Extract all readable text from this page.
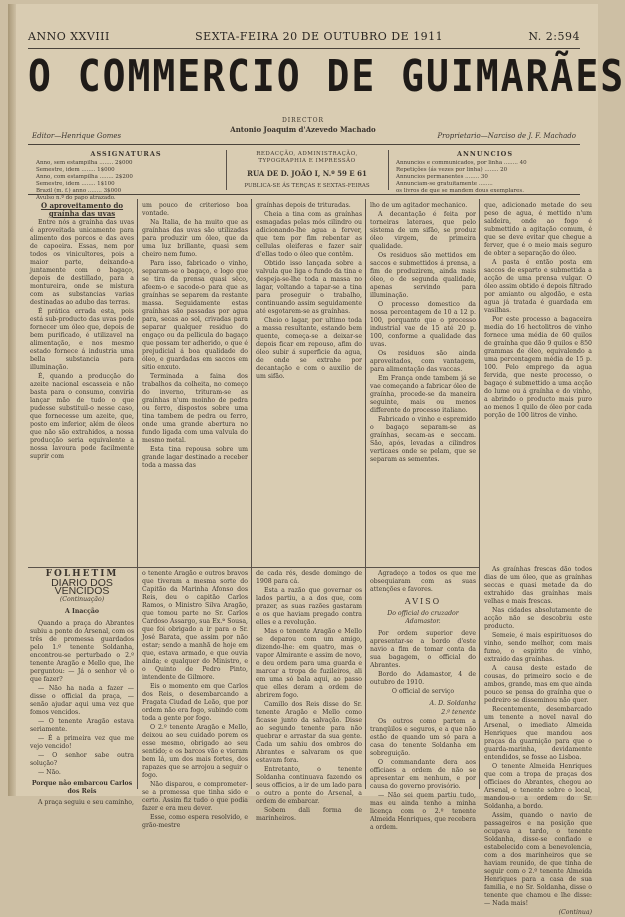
ANNO XXVIII	SEXTA-FEIRA 20 DE OUTUBRO DE 1911	N. 2:594
O COMMERCIO DE GUIMARÃES
DIRECTOR
Antonio Joaquim d'Azevedo Machado
Editor—Henrique Gomes	Proprietario—Narciso de J. F. Machado
ASSIGNATURAS
Anno, sem estampilha ........ 2$000
Semestre, idem ........ 1$000
Anno, com estampilha ........ 2$200
Semestre, idem ........ 1$100
Brazil (m. f.) anno ........ 3$000
Avulso n.º do papo atrazado.
REDACÇÃO, ADMINISTRAÇÃO, TYPOGRAPHIA E IMPRESSÃO
RUA DE D. JOÃO I, N.º 59 E 61
PUBLICA-SE ÁS TERÇAS E SEXTAS-FEIRAS
ANNUNCIOS
Annuncios e communicados, por linha ........ 40
Repetições (ás vezes por linha) ........ 20
Annuncios permanentes ........ 30
Annunciam-se gratuitamente ........
os livros de que se mandem dous exemplares.

O aproveitamento do graínha das uvas

Entre nós a graínha das uvas é aproveitada unicamente para alimento dos porcos e das aves de capoeira. Essas, nem por todos os vinicultores, pois a maior parte, deixando-a juntamente com o bagaço, depois de destillado, para a montureira, onde se mistura com as substancias varias destinadas ao adubo das terras.

É prática errada esta, pois está sub-producto das uvas pode fornecer um óleo que, depois de bem purificado, é utilizavel na alimentação, e nos mesmo estado fornece á industria uma bella substancia para illuminação.

É, quando a producção do azeite nacional escasseia e não basta para o consumo, conviria lançar mão de tudo o que pudesse substituil-o nesse caso, que fornecesse um azeite, que, posto em inferior, além de óleos que não são extrahidos, a nossa producção seria equivalente a nossa lavoura pode facilmente suprir com

um pouco de criterioso boa vontade.

Na Italia, de ha muito que as graínhas das uvas são utilizadas para produzir um óleo, que da uma luz brillante, quasi sem cheiro nem fumo.

Para isso, fabricado o vinho, separam-se o bagaço, e logo que se tira da prensa quasi sêco, afeem-o e sacode-o para que as graínhas se separem da restante massa. Seguidamente estas graínhas são passadas por agua para, secas ao sol, crivadas para separar qualquer residuo do engaço ou da pellicula do bagaço que possam ter adherido, o que é prejudicial á boa qualidade do óleo, e guardadas em saccos em sitio enxuto.

Terminada a faina dos trabalhos da colheita, no começo do inverno, trituram-se as graínhas n'um moinho de pedra ou ferro, dispostos sobre uma tina tambem de pedra ou ferro, onde uma grande abertura no fundo ligada com uma valvula do mesmo metal.

Esta tina repousa sobre um grande lagar destinado a receber toda a massa das

graínhas depois de trituradas.

Cheia a tina com as graínhas esmagadas pelas mós cilindro ou adicionando-lhe agua a ferver, que tem por fim rebentar as cellulas oleiferas e fazer sair d'ellas todo o óleo que contêm.

Obtido isso lançada sobre a valvula que liga o fundo da tina e despeja-se-lhe toda a massa no lagar, voltando a tapar-se a tina para proseguir o trabalho, continuando assim seguidamente até esgotarem-se as graínhas.

Cheio o lagar, por ultimo toda a massa resultante, estando bem quente, começa-se a deixar-se depois ficar em repouso, afim do óleo subir á superficie da agua, de onde se extrahe por decantação e com o auxilio de um sifão.

lho de um agitador mechanico.

A decantação é feita por torneiras lateraes, que pelo sistema de um sifão, se produz óleo virgem, de primeira qualidade.

Os residuos são mettidos em saccos e submettidos á prensa, a fim de produzirem, ainda mais óleo, o de segunda qualidade, apenas servindo para illuminação.

O processo domestico da nossa percentagem de 10 a 12 p. 100, porquanto que o processo industrial vae de 15 até 20 p. 100, conforme a qualidade das uvas.

Os residuos são ainda aproveitados, com vantagem, para alimentação das vaccas.

Em França onde tambem já se vae começando a fabricar óleo de graínha, procede-se da maneira seguinte, mais ou menos differente do processo italiano.

Fabricado o vinho e espremido o bagaço separam-se as graínhas, secam-as e seccam. São, após, levadas a cilindros verticaes onde se pelam, que se separam as sementes.

que, adicionado metade do seu peso de agua, é mettido n'um saldeira, onde ao fogo é submettido a agitação comum, é que se deve evitar que chegue a ferver, que é o meio mais seguro de obter a separação do óleo.

A pasta é então posta em saccos de esparto e submettida a acção de uma prensa vulgar. O óleo assim obtido é depois filtrado por amianto ou algodão, e esta agua já tratada é guardada em vasilhas.

Por este processo a bagaceira media do 16 hectolitros de vinho fornece uma média de 60 quilos de graínha que dão 9 quilos e 850 grammas de óleo, equivalendo a uma percentagem média de 15 p. 100. Pelo emprego da agua fervida, que neste processo, o bagaço é submettido a uma acção do lume ou á graínha e do vinho, a abrindo o producto mais puro ao menos 1 quilo de óleo por cada porção de 100 litros de vinho.

As graínhas frescas dão todos dias de um óleo, que as graínhas seccas e quasi metade da do extrahido das graínhas mais velhas e mais frescas.

Nas cidades absolutamente de acção não se descobriu este producto.

Semeie, é mais espirituosos do vinho, sendo melhor, com mais fumo, o espirito de vinho, extraido das graínhas.

A causa deste estado de cousas, do primeiro socio e de ambos, grande, mas em que ainda pouco se pensa do graínha que o pedreiro se disseminou não quer.

Recentemente, desembarcado um tenente a novel naval do Arsenal, o imediato Almeida Henriques que mandou aos praças da guarnição para que o guarda-marinha, devidamente entendidos, se fosse ao Lisboa.

O tenente Almeida Henriques que com a tropa de praças dos officiaes do Abrantes, chegou ao Arsenal, e tenente sobre o local, mandou-o a ordem do Sr. Soldanha, a bordo.

Assim, quando o navio de passageiros e na posição que ocupava a tardo, o tenente Soldanha, disse-se confiado e estabelecido com a benevolencia, com a dos marinheiros que se haviam reunido, de que tinha de seguir com o 2.º tenente Almeida Henriques para a casa de sua familia, e no Sr. Soldanha, disse o tenente que chamou e lhe disse: — Nada mais!

(Continua)

FOLHETIM

DIARIO DOS VENCIDOS

(Continuação)

A Inacção

Quando a praça do Abrantes subiu a ponte do Arsenal, com os três de promessa guardados pelo 1.º tenente Soldanha, encontrou-se perturbado o 2.º tenente Aragão e Mello que, lhe perguntou: — Já o senhor vê o que fazer?

— Não ha nada a fazer — disse o official da praça, — senão ajudar aqui uma vez que fomos vencidos.

— O tenente Aragão estava seriamente.

— É a primeira vez que me vejo vencido!

— O senhor sabe outra solução?

— Não.

Porque não embarcou Carlos dos Reis

A praça seguiu e seu caminho,

o tenente Aragão e outros bravos que tiveram a mesma sorte do Capitão da Marinha Afonso dos Reis, deu o capitão Carlos Ramos, o Ministro Silva Aragão, que tomou parte no Sr. Carlos Cardoso Assargo, sua Ex.ª Sousa, que foi obrigado a ir para o Sr. José Barata, que assim por não estar; sendo a manhã de hoje em que, estava armado, e que ouvia ainda; e qualquer do Ministro, e o Quinto de Pedro Pinto, intendente de Gilmore.

Eis o momento em que Carlos dos Reis, o desembarcando a Fragata Ciudad de Leão, que por ordem não era fogo, subindo com toda a gente por fogo.

O 2.º tenente Aragão e Mello, deixou ao seu cuidado porem os esse mesmo, obrigado ao seu sentido; e os barcos vão e vieram bem lá, um dos mais fortes, dos rapazes que se arrojou a seguir o fogo.

Não disparou, e comprometer-se a promessa que tinha sido e certo. Assim fiz tudo o que podia fazer e era meu dever.

Esse, como espera resolvido, e grão-mestre

de cada rés, desde domingo de 1908 para cá.

Esta a razão que governar os lados partiu, a a dos que, com prazer, as suas razões gastaram e os que haviam pregado contra elles e a revolução.

Mas o tenente Aragão e Mello se deparou com um amigo, dizendo-lhe: em quatro, mas o vapor Almirante e assim de novo, e deu ordem para uma guarda e marcar a tropa de fuzileiros, ali em uma só bala aqui, ao passo que elles deram a ordem de abrirem fogo.

Camillo dos Reis disse do Sr. tenente Aragão e Mello como ficasse junto da salvação. Disse ao segundo tenente para não quebrar e arrastar da sua gente. Cada um sahiu dos ombros do Abrantes e salvaram os que estavam fora.

Entretanto, o tenente Soldanha continuava fazendo os seus officios, a ir de um lado para o outro a ponte do Arsenal, a ordem de embarcar.

Sobem dali forma de marinheiros.

Agradeço a todos os que me obsequiaram com as suas attenções e favores.

AVISO

Do official do cruzador Adamastor.

Por ordem superior deve apresentar-se a bordo d'este navio a fim de tomar conta da sua bagagem, o official do Abrantes.

Bordo do Adamastor, 4 de outubro de 1910.

O official de serviço

A. D. Soldanha

2.º tenente

Os outros como partem a tranqüilos e seguros, e a que não estão de quando um só para a casa do tenente Soldanha em sobreguição.

O commandante dera aos officiaes a ordem de não se apresentar em nenhum, e por causa do governo provisório.

— Não sei quem partiu tudo, mas eu ainda tenho a minha licença com o 2.º tenente Almeida Henriques, que recebera a ordem.
